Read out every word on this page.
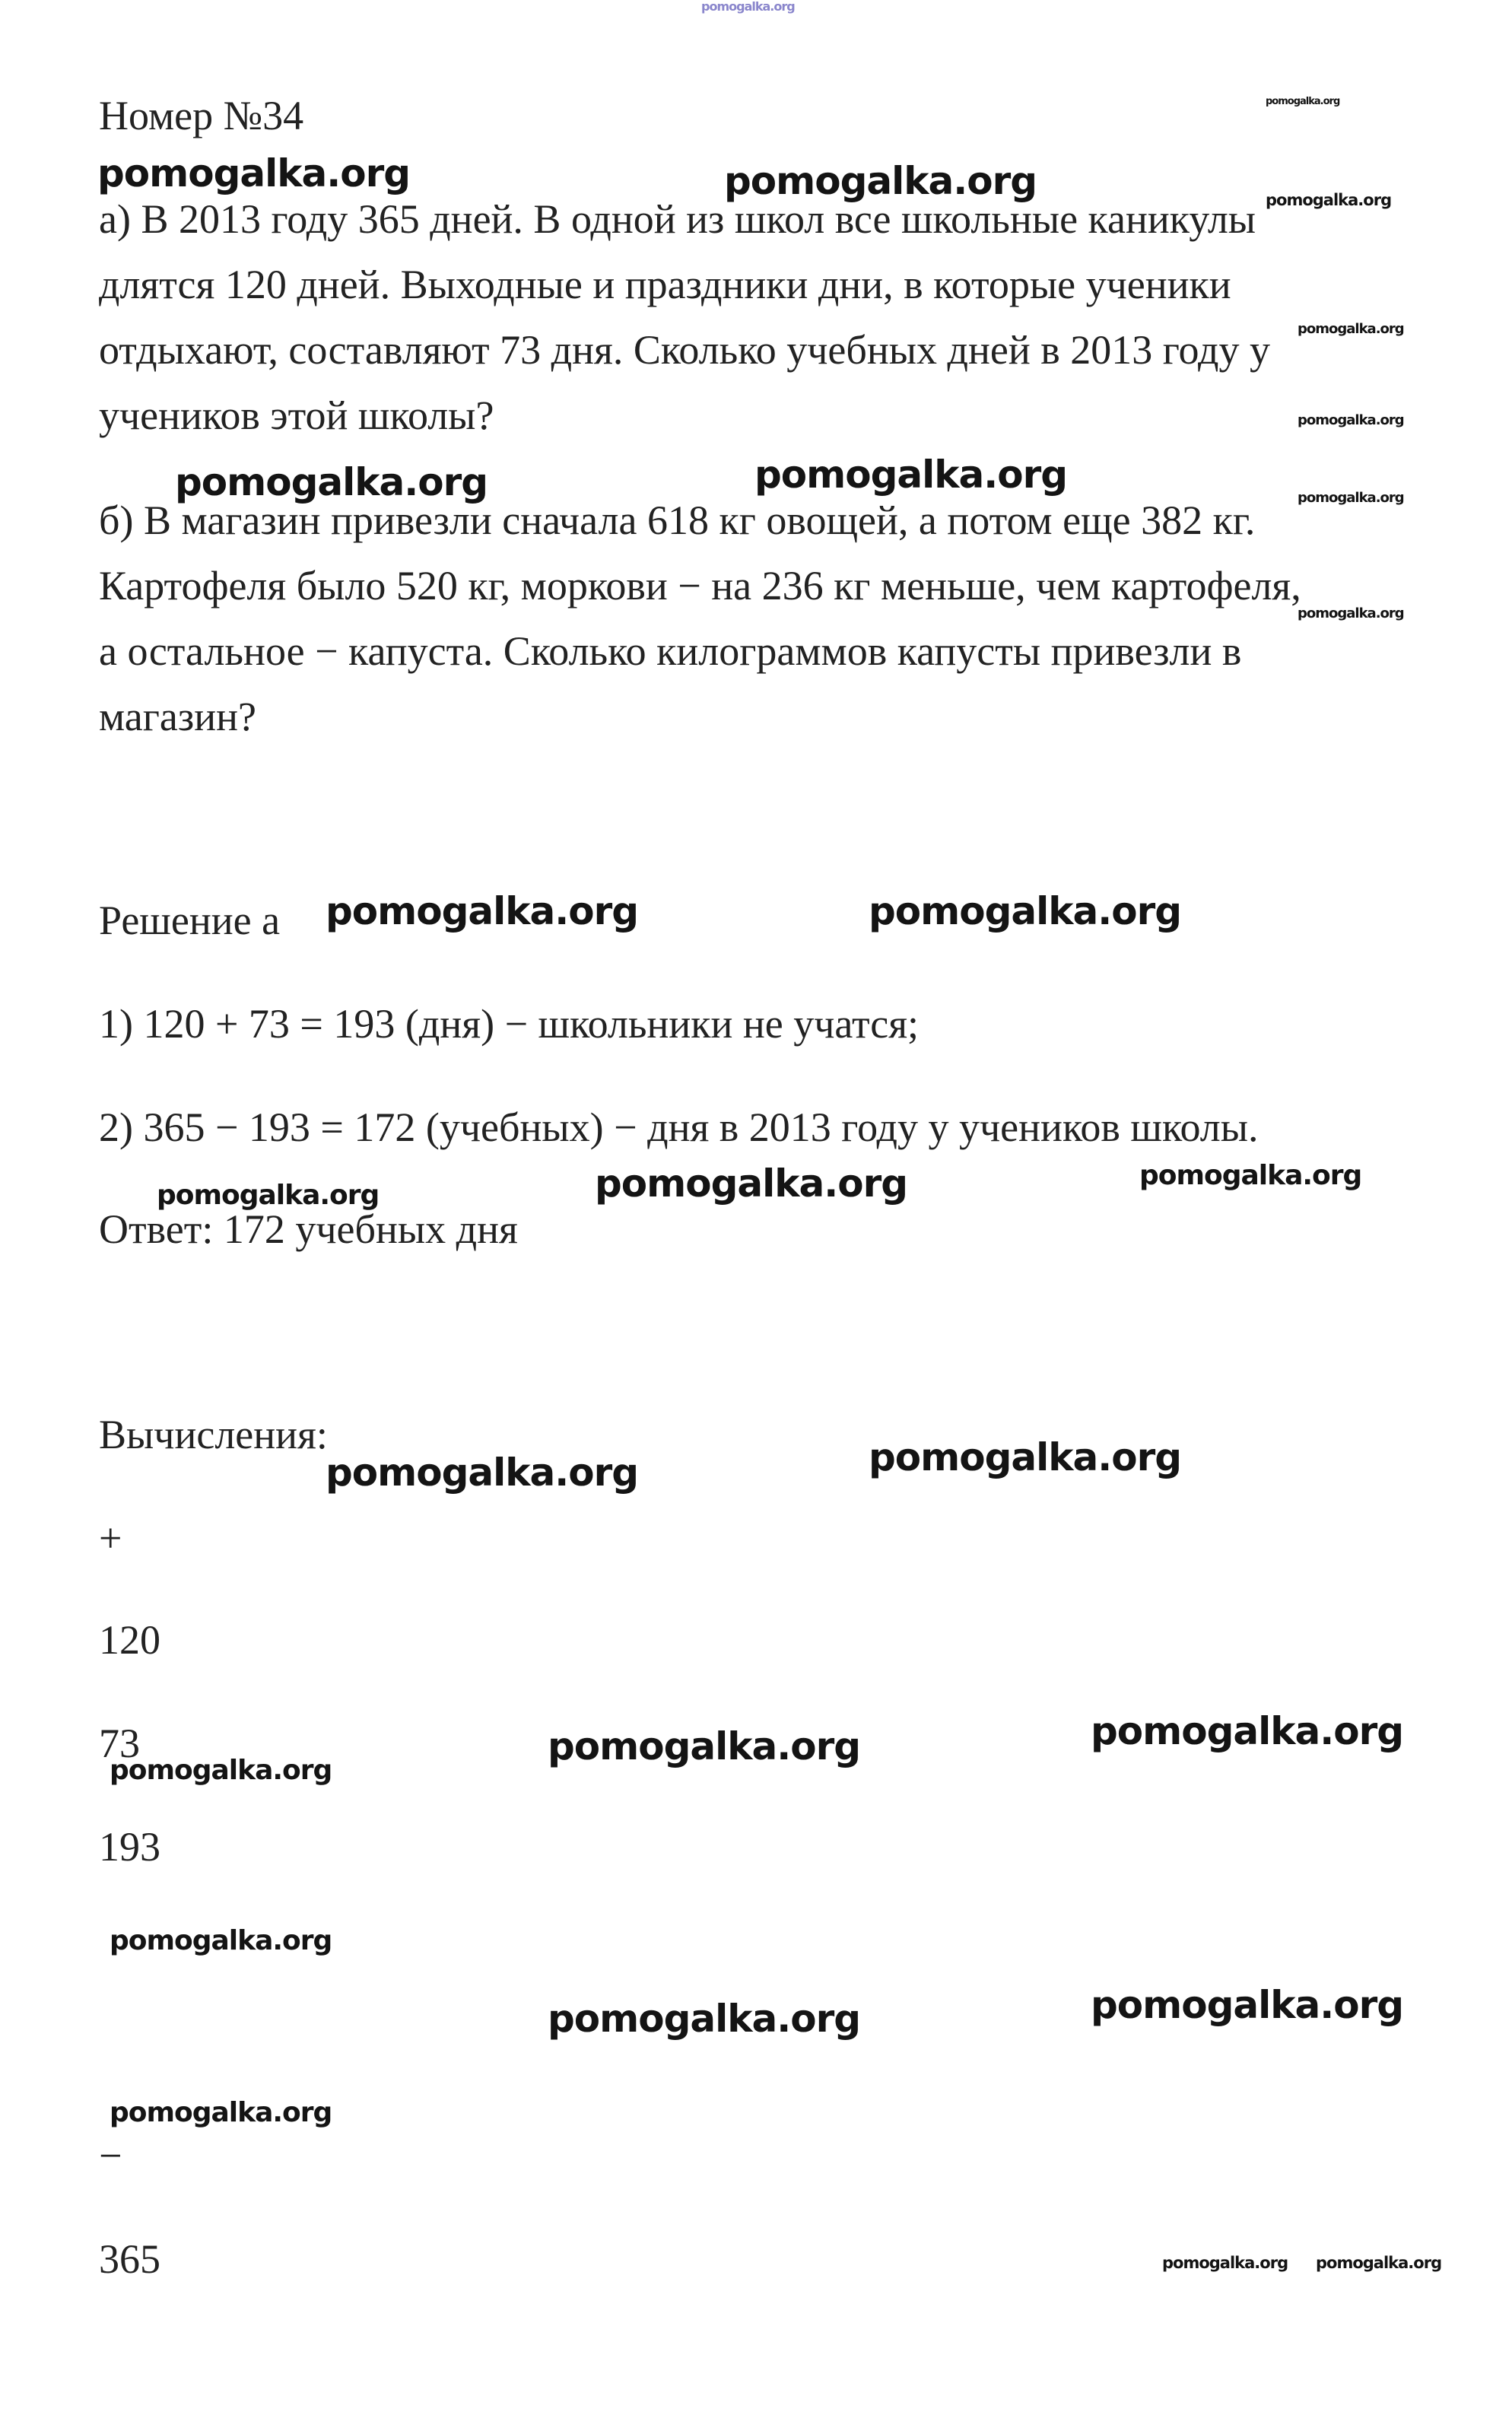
Номер №34

а) В 2013 году 365 дней. В одной из школ все школьные каникулы

длятся 120 дней. Выходные и праздники дни, в которые ученики

отдыхают, составляют 73 дня. Сколько учебных дней в 2013 году у

учеников этой школы?

б) В магазин привезли сначала 618 кг овощей, а потом еще 382 кг.

Картофеля было 520 кг, моркови − на 236 кг меньше, чем картофеля,

а остальное − капуста. Сколько килограммов капусты привезли в

магазин?

Решение а

1) 120 + 73 = 193 (дня) − школьники не учатся;

2) 365 − 193 = 172 (учебных) − дня в 2013 году у учеников школы.

Ответ: 172 учебных дня

Вычисления:

+

120

73

193

−

365

pomogalka.org

pomogalka.org

pomogalka.org	pomogalka.org	pomogalka.org

pomogalka.org

pomogalka.org

pomogalka.org	pomogalka.org

pomogalka.org

pomogalka.org

pomogalka.org	pomogalka.org

pomogalka.org	pomogalka.org	pomogalka.org

pomogalka.org	pomogalka.org

pomogalka.org	pomogalka.org

pomogalka.org

pomogalka.org

pomogalka.org	pomogalka.org

pomogalka.org

pomogalka.org pomogalka.org
